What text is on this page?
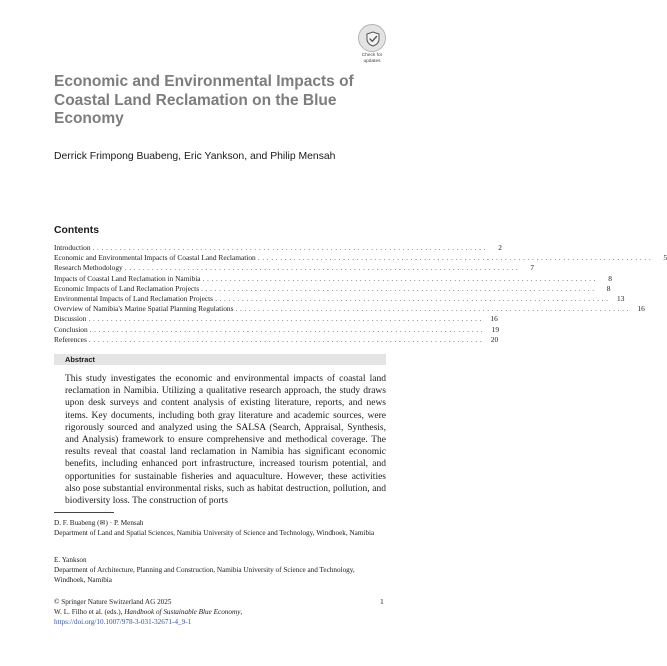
Check for
updates
Economic and Environmental Impacts of Coastal Land Reclamation on the Blue Economy
Derrick Frimpong Buabeng, Eric Yankson, and Philip Mensah
Contents
Introduction . . . . . . . . . . . . . . . . . . . . . . . . . . . . . . . . . . . . . . . . . . . . . . . . . . . . . . . . . . . . . . . . . . . . . . . . . . . . . . . . . . . . . . . .	2
Economic and Environmental Impacts of Coastal Land Reclamation . . . . . . . . . . . . . . . . . . . . . . . . . . . . . . . . . . . . . . . . . . . . . . . . . . . . . . . . . . . . . . . . . . . . . . . . . . . . . . . . . . . . . . . .	5
Research Methodology . . . . . . . . . . . . . . . . . . . . . . . . . . . . . . . . . . . . . . . . . . . . . . . . . . . . . . . . . . . . . . . . . . . . . . . . . . . . . . . . . . . . . . . .	7
Impacts of Coastal Land Reclamation in Namibia . . . . . . . . . . . . . . . . . . . . . . . . . . . . . . . . . . . . . . . . . . . . . . . . . . . . . . . . . . . . . . . . . . . . . . . . . . . . . . . . . . . . . . . .	8
Economic Impacts of Land Reclamation Projects . . . . . . . . . . . . . . . . . . . . . . . . . . . . . . . . . . . . . . . . . . . . . . . . . . . . . . . . . . . . . . . . . . . . . . . . . . . . . . . . . . . . . . . .	8
Environmental Impacts of Land Reclamation Projects . . . . . . . . . . . . . . . . . . . . . . . . . . . . . . . . . . . . . . . . . . . . . . . . . . . . . . . . . . . . . . . . . . . . . . . . . . . . . . . . . . . . . . . .	13
Overview of Namibia's Marine Spatial Planning Regulations . . . . . . . . . . . . . . . . . . . . . . . . . . . . . . . . . . . . . . . . . . . . . . . . . . . . . . . . . . . . . . . . . . . . . . . . . . . . . . . . . . . . . . . .	16
Discussion . . . . . . . . . . . . . . . . . . . . . . . . . . . . . . . . . . . . . . . . . . . . . . . . . . . . . . . . . . . . . . . . . . . . . . . . . . . . . . . . . . . . . . . .	16
Conclusion . . . . . . . . . . . . . . . . . . . . . . . . . . . . . . . . . . . . . . . . . . . . . . . . . . . . . . . . . . . . . . . . . . . . . . . . . . . . . . . . . . . . . . . .	19
References . . . . . . . . . . . . . . . . . . . . . . . . . . . . . . . . . . . . . . . . . . . . . . . . . . . . . . . . . . . . . . . . . . . . . . . . . . . . . . . . . . . . . . . .	20
Abstract

This study investigates the economic and environmental impacts of coastal land reclamation in Namibia. Utilizing a qualitative research approach, the study draws upon desk surveys and content analysis of existing literature, reports, and news items. Key documents, including both gray literature and academic sources, were rigorously sourced and analyzed using the SALSA (Search, Appraisal, Synthesis, and Analysis) framework to ensure comprehensive and methodical coverage. The results reveal that coastal land reclamation in Namibia has significant economic benefits, including enhanced port infrastructure, increased tourism potential, and opportunities for sustainable fisheries and aquaculture. However, these activities also pose substantial environmental risks, such as habitat destruction, pollution, and biodiversity loss. The construction of ports

D. F. Buabeng (✉) · P. Mensah

Department of Land and Spatial Sciences, Namibia University of Science and Technology, Windhoek, Namibia

E. Yankson

Department of Architecture, Planning and Construction, Namibia University of Science and Technology, Windhoek, Namibia

© Springer Nature Switzerland AG 2025

W. L. Filho et al. (eds.), Handbook of Sustainable Blue Economy,

https://doi.org/10.1007/978-3-031-32671-4_9-1

1
